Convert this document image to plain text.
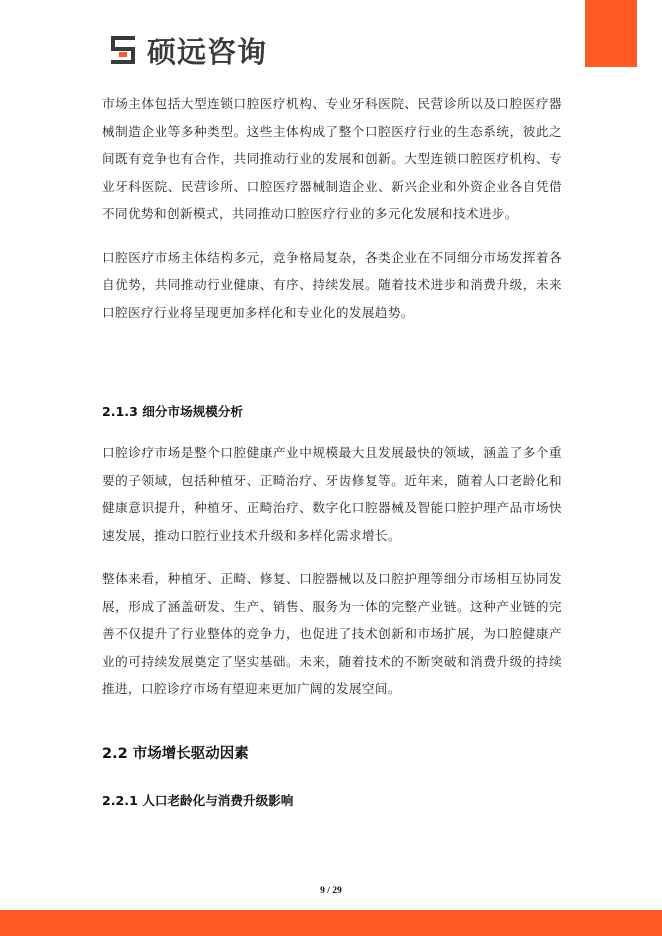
硕远咨询

市场主体包括大型连锁口腔医疗机构、专业牙科医院、民营诊所以及口腔医疗器械制造企业等多种类型。这些主体构成了整个口腔医疗行业的生态系统，彼此之间既有竞争也有合作，共同推动行业的发展和创新。大型连锁口腔医疗机构、专业牙科医院、民营诊所、口腔医疗器械制造企业、新兴企业和外资企业各自凭借不同优势和创新模式，共同推动口腔医疗行业的多元化发展和技术进步。

口腔医疗市场主体结构多元，竞争格局复杂，各类企业在不同细分市场发挥着各自优势，共同推动行业健康、有序、持续发展。随着技术进步和消费升级，未来口腔医疗行业将呈现更加多样化和专业化的发展趋势。

2.1.3 细分市场规模分析

口腔诊疗市场是整个口腔健康产业中规模最大且发展最快的领域，涵盖了多个重要的子领域，包括种植牙、正畸治疗、牙齿修复等。近年来，随着人口老龄化和健康意识提升，种植牙、正畸治疗、数字化口腔器械及智能口腔护理产品市场快速发展，推动口腔行业技术升级和多样化需求增长。

整体来看，种植牙、正畸、修复、口腔器械以及口腔护理等细分市场相互协同发展，形成了涵盖研发、生产、销售、服务为一体的完整产业链。这种产业链的完善不仅提升了行业整体的竞争力，也促进了技术创新和市场扩展，为口腔健康产业的可持续发展奠定了坚实基础。未来，随着技术的不断突破和消费升级的持续推进，口腔诊疗市场有望迎来更加广阔的发展空间。

2.2 市场增长驱动因素
2.2.1 人口老龄化与消费升级影响
9 / 29
